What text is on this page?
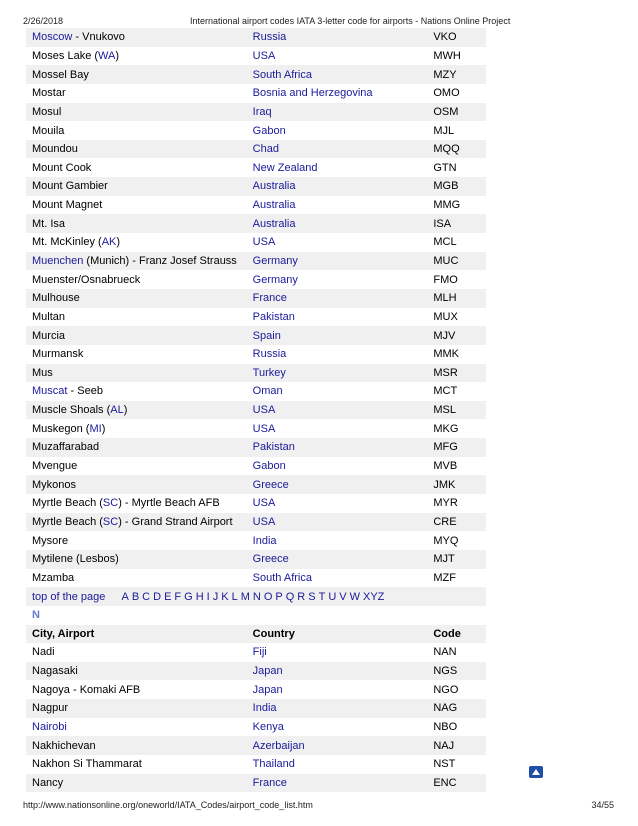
2/26/2018	International airport codes IATA 3-letter code for airports - Nations Online Project
Moscow - Vnukovo	Russia	VKO
Moses Lake (WA)	USA	MWH
Mossel Bay	South Africa	MZY
Mostar	Bosnia and Herzegovina	OMO
Mosul	Iraq	OSM
Mouila	Gabon	MJL
Moundou	Chad	MQQ
Mount Cook	New Zealand	GTN
Mount Gambier	Australia	MGB
Mount Magnet	Australia	MMG
Mt. Isa	Australia	ISA
Mt. McKinley (AK)	USA	MCL
Muenchen (Munich) - Franz Josef Strauss	Germany	MUC
Muenster/Osnabrueck	Germany	FMO
Mulhouse	France	MLH
Multan	Pakistan	MUX
Murcia	Spain	MJV
Murmansk	Russia	MMK
Mus	Turkey	MSR
Muscat - Seeb	Oman	MCT
Muscle Shoals (AL)	USA	MSL
Muskegon (MI)	USA	MKG
Muzaffarabad	Pakistan	MFG
Mvengue	Gabon	MVB
Mykonos	Greece	JMK
Myrtle Beach (SC) - Myrtle Beach AFB	USA	MYR
Myrtle Beach (SC) - Grand Strand Airport	USA	CRE
Mysore	India	MYQ
Mytilene (Lesbos)	Greece	MJT
Mzamba	South Africa	MZF
top of the page A B C D E F G H I J K L M N O P Q R S T U V W XYZ		
N		
City, Airport	Country	Code
Nadi	Fiji	NAN
Nagasaki	Japan	NGS
Nagoya - Komaki AFB	Japan	NGO
Nagpur	India	NAG
Nairobi	Kenya	NBO
Nakhichevan	Azerbaijan	NAJ
Nakhon Si Thammarat	Thailand	NST
Nancy	France	ENC
http://www.nationsonline.org/oneworld/IATA_Codes/airport_code_list.htm	34/55
